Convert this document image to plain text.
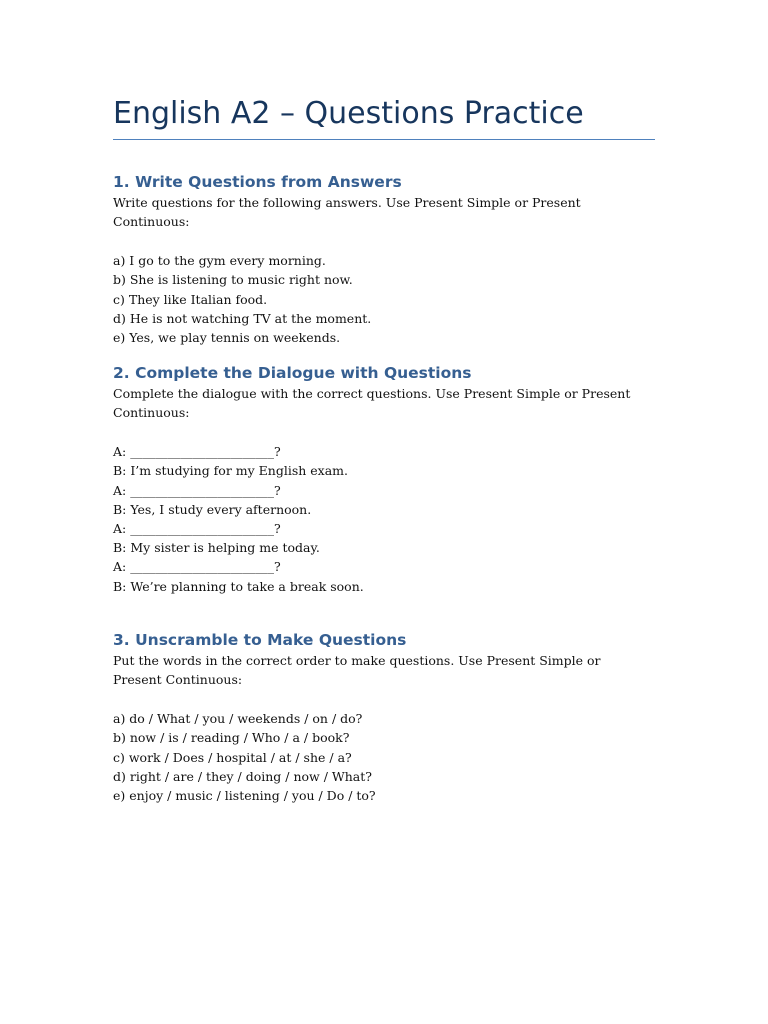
English A2 – Questions Practice
1. Write Questions from Answers

Write questions for the following answers. Use Present Simple or Present Continuous:

a) I go to the gym every morning.
b) She is listening to music right now.
c) They like Italian food.
d) He is not watching TV at the moment.
e) Yes, we play tennis on weekends.
2. Complete the Dialogue with Questions

Complete the dialogue with the correct questions. Use Present Simple or Present Continuous:

A: _______________________?
B: I’m studying for my English exam.
A: _______________________?
B: Yes, I study every afternoon.
A: _______________________?
B: My sister is helping me today.
A: _______________________?
B: We’re planning to take a break soon.
3. Unscramble to Make Questions

Put the words in the correct order to make questions. Use Present Simple or Present Continuous:

a) do / What / you / weekends / on / do?
b) now / is / reading / Who / a / book?
c) work / Does / hospital / at / she / a?
d) right / are / they / doing / now / What?
e) enjoy / music / listening / you / Do / to?
